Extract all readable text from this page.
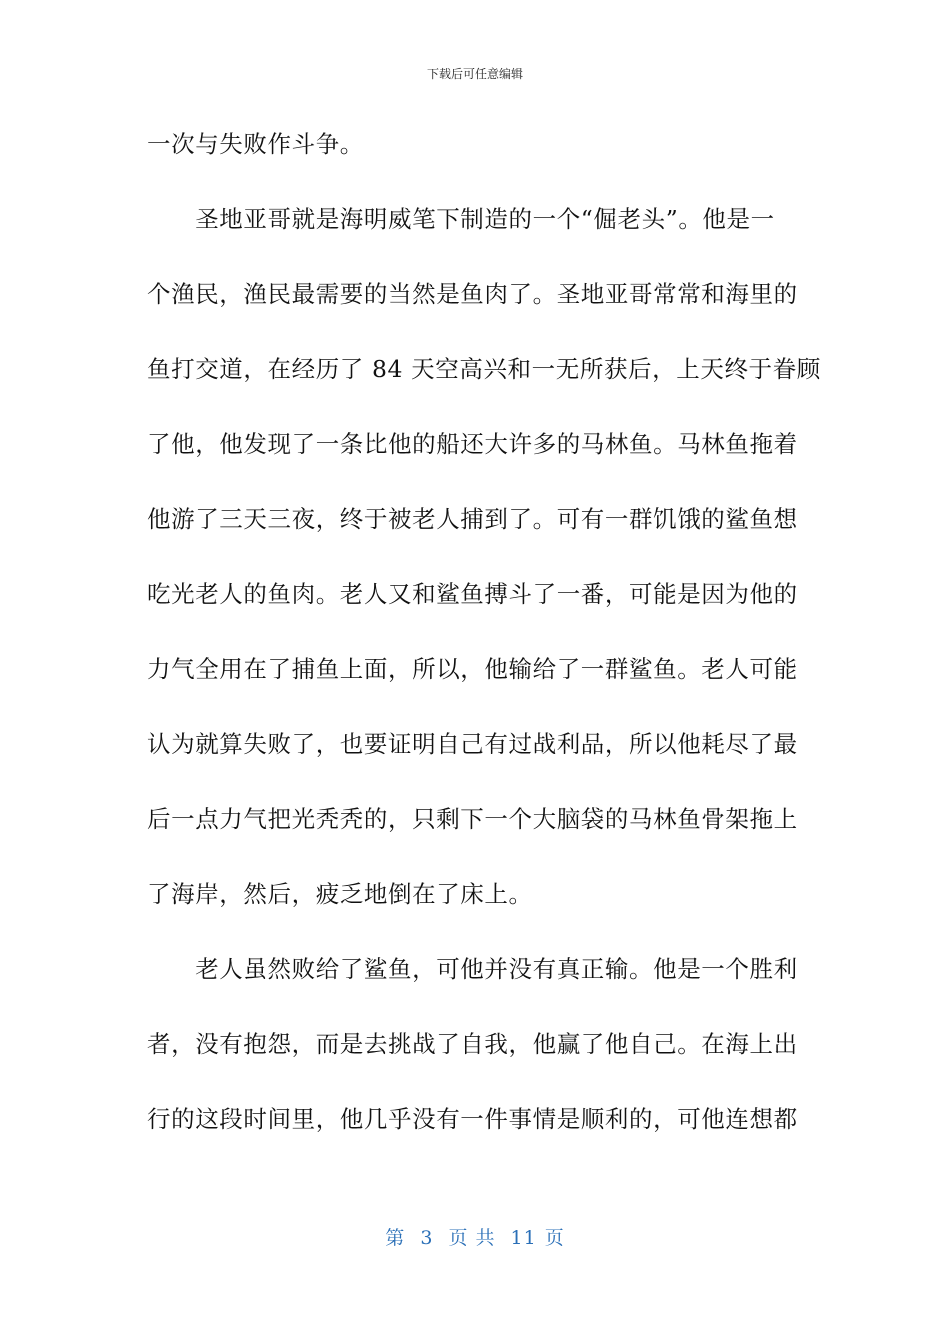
下载后可任意编辑
一次与失败作斗争。
　　圣地亚哥就是海明威笔下制造的一个“倔老头”。他是一
个渔民，渔民最需要的当然是鱼肉了。圣地亚哥常常和海里的
鱼打交道，在经历了 84 天空高兴和一无所获后，上天终于眷顾
了他，他发现了一条比他的船还大许多的马林鱼。马林鱼拖着
他游了三天三夜，终于被老人捕到了。可有一群饥饿的鲨鱼想
吃光老人的鱼肉。老人又和鲨鱼搏斗了一番，可能是因为他的
力气全用在了捕鱼上面，所以，他输给了一群鲨鱼。老人可能
认为就算失败了，也要证明自己有过战利品，所以他耗尽了最
后一点力气把光秃秃的，只剩下一个大脑袋的马林鱼骨架拖上
了海岸，然后，疲乏地倒在了床上。
　　老人虽然败给了鲨鱼，可他并没有真正输。他是一个胜利
者，没有抱怨，而是去挑战了自我，他赢了他自己。在海上出
行的这段时间里，他几乎没有一件事情是顺利的，可他连想都
第 3 页 共 11 页
